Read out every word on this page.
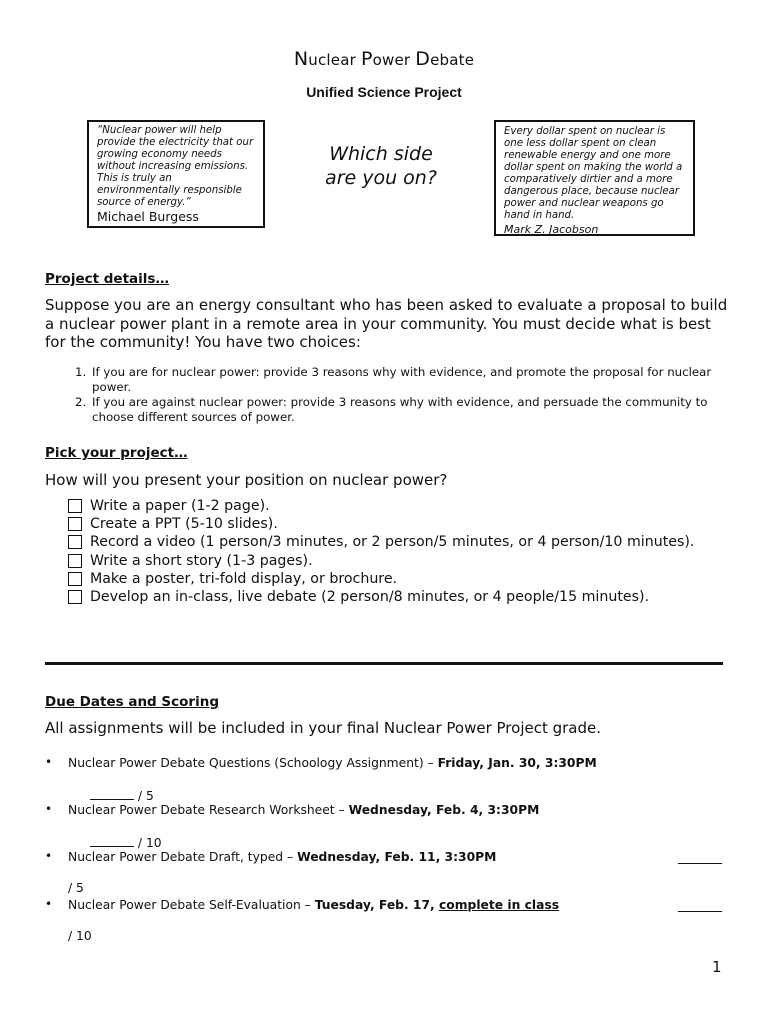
Nuclear Power Debate
Unified Science Project
“Nuclear power will help provide the electricity that our growing economy needs without increasing emissions. This is truly an environmentally responsible source of energy.”
Michael Burgess
Which side
are you on?
Every dollar spent on nuclear is one less dollar spent on clean renewable energy and one more dollar spent on making the world a comparatively dirtier and a more dangerous place, because nuclear power and nuclear weapons go hand in hand.
Mark Z. Jacobson
Project details…
Suppose you are an energy consultant who has been asked to evaluate a proposal to build a nuclear power plant in a remote area in your community. You must decide what is best for the community! You have two choices:
1. If you are for nuclear power: provide 3 reasons why with evidence, and promote the proposal for nuclear power.
2. If you are against nuclear power: provide 3 reasons why with evidence, and persuade the community to choose different sources of power.
Pick your project…
How will you present your position on nuclear power?
Write a paper (1-2 page).
Create a PPT (5-10 slides).
Record a video (1 person/3 minutes, or 2 person/5 minutes, or 4 person/10 minutes).
Write a short story (1-3 pages).
Make a poster, tri-fold display, or brochure.
Develop an in-class, live debate (2 person/8 minutes, or 4 people/15 minutes).
Due Dates and Scoring
All assignments will be included in your final Nuclear Power Project grade.
• Nuclear Power Debate Questions (Schoology Assignment) – Friday, Jan. 30, 3:30PM
/ 5
• Nuclear Power Debate Research Worksheet – Wednesday, Feb. 4, 3:30PM
/ 10
• Nuclear Power Debate Draft, typed – Wednesday, Feb. 11, 3:30PM
/ 5
• Nuclear Power Debate Self-Evaluation – Tuesday, Feb. 17, complete in class
/ 10
1
